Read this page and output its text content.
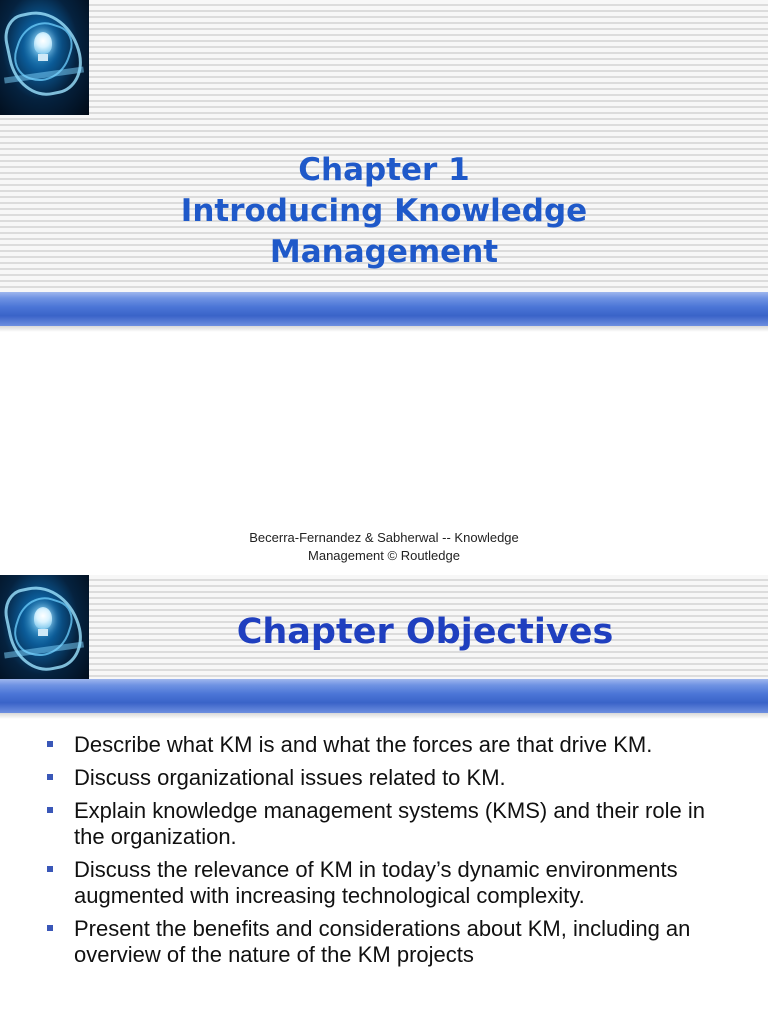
Chapter 1
Introducing Knowledge
Management

Becerra-Fernandez & Sabherwal -- Knowledge
Management © Routledge

Chapter Objectives
Describe what KM is and what the forces are that drive KM.
Discuss organizational issues related to KM.
Explain knowledge management systems (KMS) and their role in the organization.
Discuss the relevance of KM in today’s dynamic environments augmented with increasing technological complexity.
Present the benefits and considerations about KM, including an overview of the nature of the KM projects
